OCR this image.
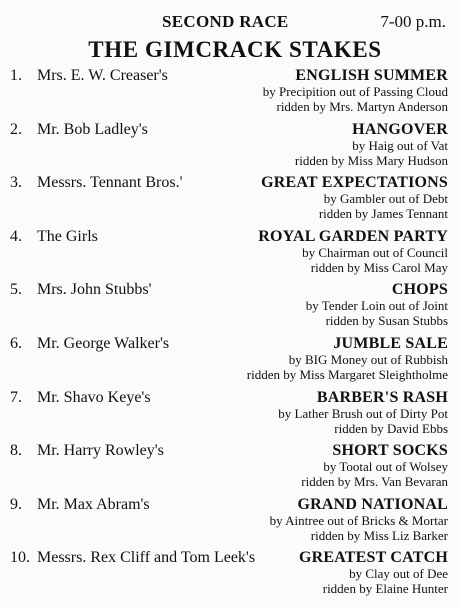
SECOND RACE	7-00 p.m.
THE GIMCRACK STAKES
1. Mrs. E. W. Creaser's	ENGLISH SUMMER
by Precipition out of Passing Cloud
ridden by Mrs. Martyn Anderson
2. Mr. Bob Ladley's	HANGOVER
by Haig out of Vat
ridden by Miss Mary Hudson
3. Messrs. Tennant Bros.'	GREAT EXPECTATIONS
by Gambler out of Debt
ridden by James Tennant
4. The Girls	ROYAL GARDEN PARTY
by Chairman out of Council
ridden by Miss Carol May
5. Mrs. John Stubbs'	CHOPS
by Tender Loin out of Joint
ridden by Susan Stubbs
6. Mr. George Walker's	JUMBLE SALE
by BIG Money out of Rubbish
ridden by Miss Margaret Sleightholme
7. Mr. Shavo Keye's	BARBER'S RASH
by Lather Brush out of Dirty Pot
ridden by David Ebbs
8. Mr. Harry Rowley's	SHORT SOCKS
by Tootal out of Wolsey
ridden by Mrs. Van Bevaran
9. Mr. Max Abram's	GRAND NATIONAL
by Aintree out of Bricks & Mortar
ridden by Miss Liz Barker
10. Messrs. Rex Cliff and Tom Leek's	GREATEST CATCH
by Clay out of Dee
ridden by Elaine Hunter
